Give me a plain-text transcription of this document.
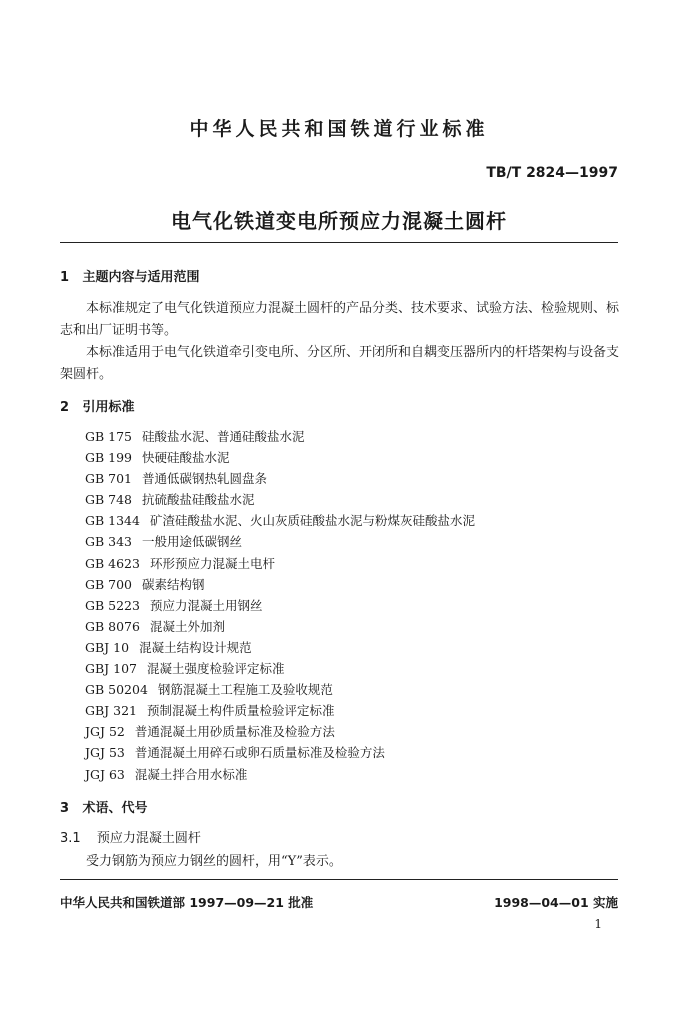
中华人民共和国铁道行业标准
TB/T 2824—1997
电气化铁道变电所预应力混凝土圆杆
1 主题内容与适用范围
本标准规定了电气化铁道预应力混凝土圆杆的产品分类、技术要求、试验方法、检验规则、标志和出厂证明书等。
本标准适用于电气化铁道牵引变电所、分区所、开闭所和自耦变压器所内的杆塔架构与设备支架圆杆。
2 引用标准
GB 175 硅酸盐水泥、普通硅酸盐水泥
GB 199 快硬硅酸盐水泥
GB 701 普通低碳钢热轧圆盘条
GB 748 抗硫酸盐硅酸盐水泥
GB 1344 矿渣硅酸盐水泥、火山灰质硅酸盐水泥与粉煤灰硅酸盐水泥
GB 343 一般用途低碳钢丝
GB 4623 环形预应力混凝土电杆
GB 700 碳素结构钢
GB 5223 预应力混凝土用钢丝
GB 8076 混凝土外加剂
GBJ 10 混凝土结构设计规范
GBJ 107 混凝土强度检验评定标准
GB 50204 钢筋混凝土工程施工及验收规范
GBJ 321 预制混凝土构件质量检验评定标准
JGJ 52 普通混凝土用砂质量标准及检验方法
JGJ 53 普通混凝土用碎石或卵石质量标准及检验方法
JGJ 63 混凝土拌合用水标准
3 术语、代号
3.1 预应力混凝土圆杆
受力钢筋为预应力钢丝的圆杆，用“Y”表示。
中华人民共和国铁道部 1997—09—21 批准	1998—04—01 实施
1
